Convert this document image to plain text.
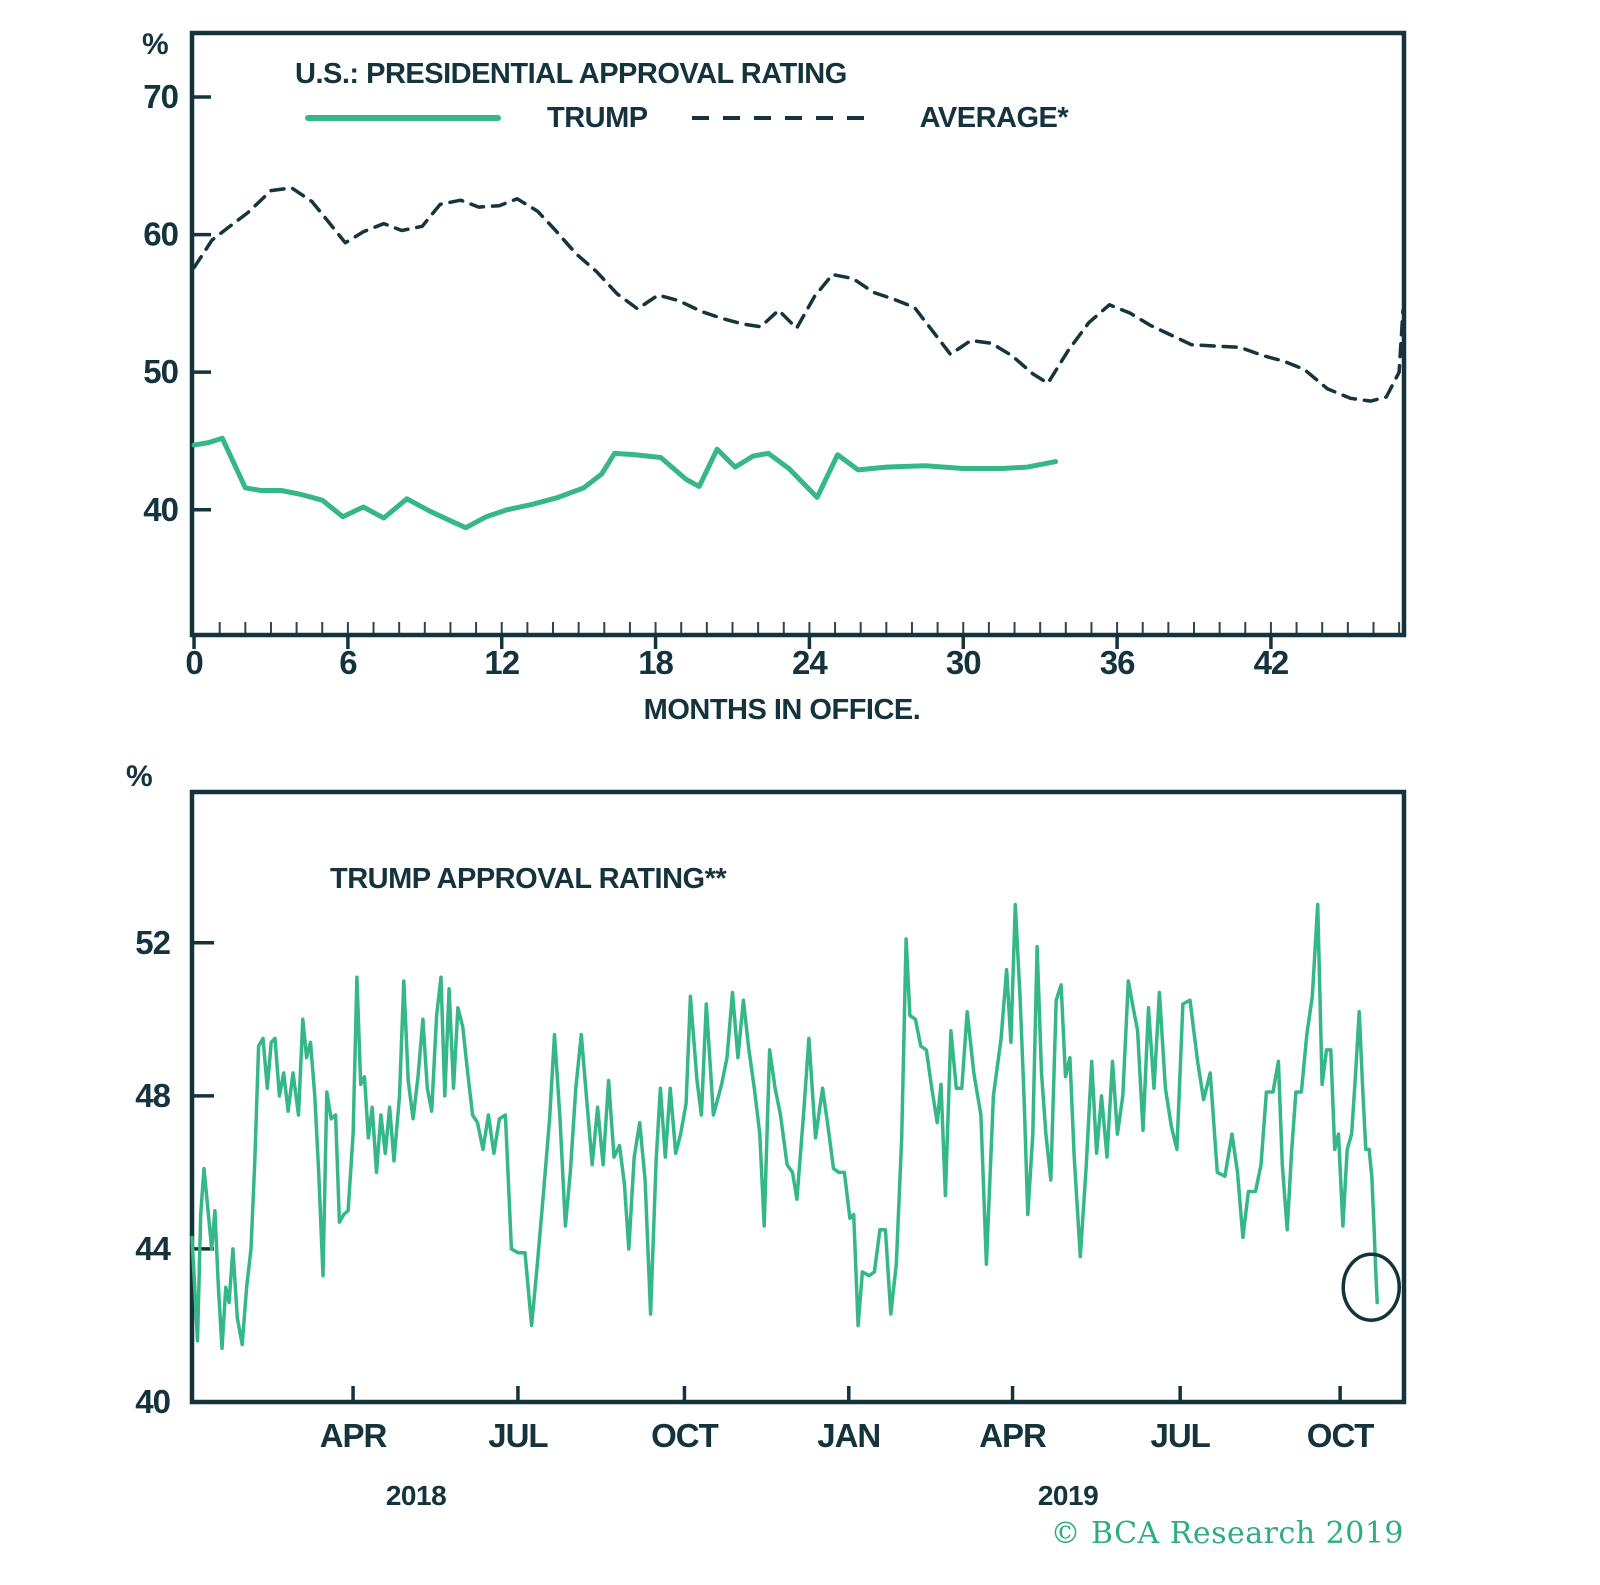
%
U.S.: PRESIDENTIAL APPROVAL RATING
TRUMP	AVERAGE*
MONTHS IN OFFICE.
%
TRUMP APPROVAL RATING**
2018	2019
© BCA Research 2019
40
50
60
70
0	6	12	18	24	30	36	42
40
44
48
52
APR	JUL	OCT	JAN	APR	JUL	OCT
